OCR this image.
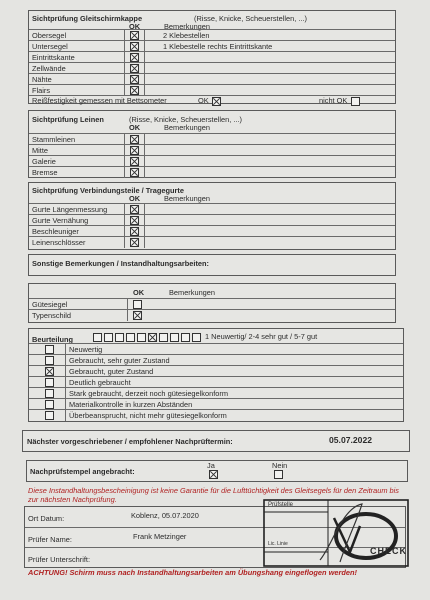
Sichtprüfung Gleitschirmkappe	(Risse, Knicke, Scheuerstellen, ...)
OK	Bemerkungen
Obersegel	2 Klebestellen
Untersegel	1 Klebestelle rechts Eintrittskante
Eintrittskante
Zellwände
Nähte
Flairs
Reißfestigkeit gemessen mit Bettsometer	OK	nicht OK
Sichtprüfung Leinen	(Risse, Knicke, Scheuerstellen, ...)
OK	Bemerkungen
Stammleinen
Mitte
Galerie
Bremse
Sichtprüfung Verbindungsteile / Tragegurte
OK	Bemerkungen
Gurte Längenmessung
Gurte Vernähung
Beschleuniger
Leinenschlösser
Sonstige Bemerkungen / Instandhaltungsarbeiten:
OK	Bemerkungen
Gütesiegel
Typenschild
Beurteilung	1 Neuwertig/ 2-4 sehr gut / 5-7 gut
Neuwertig
Gebraucht, sehr guter Zustand
Gebraucht, guter Zustand
Deutlich gebraucht
Stark gebraucht, derzeit noch gütesiegelkonform
Materialkontrolle in kurzen Abständen
Überbeansprucht, nicht mehr gütesiegelkonform
Nächster vorgeschriebener / empfohlener Nachprüftermin:	05.07.2022
Nachprüfstempel angebracht:
Ja	Nein
Diese Instandhaltungsbescheinigung ist keine Garantie für die Lufttüchtigkeit des Gleitsegels für den Zeitraum bis zur nächsten Nachprüfung.
Ort Datum:	Koblenz, 05.07.2020
Prüfer Name:	Frank Metzinger
Prüfer Unterschrift:
Prüfstelle
Lic. Linie
CHECK
ACHTUNG! Schirm muss nach Instandhaltungsarbeiten am Übungshang eingeflogen werden!
